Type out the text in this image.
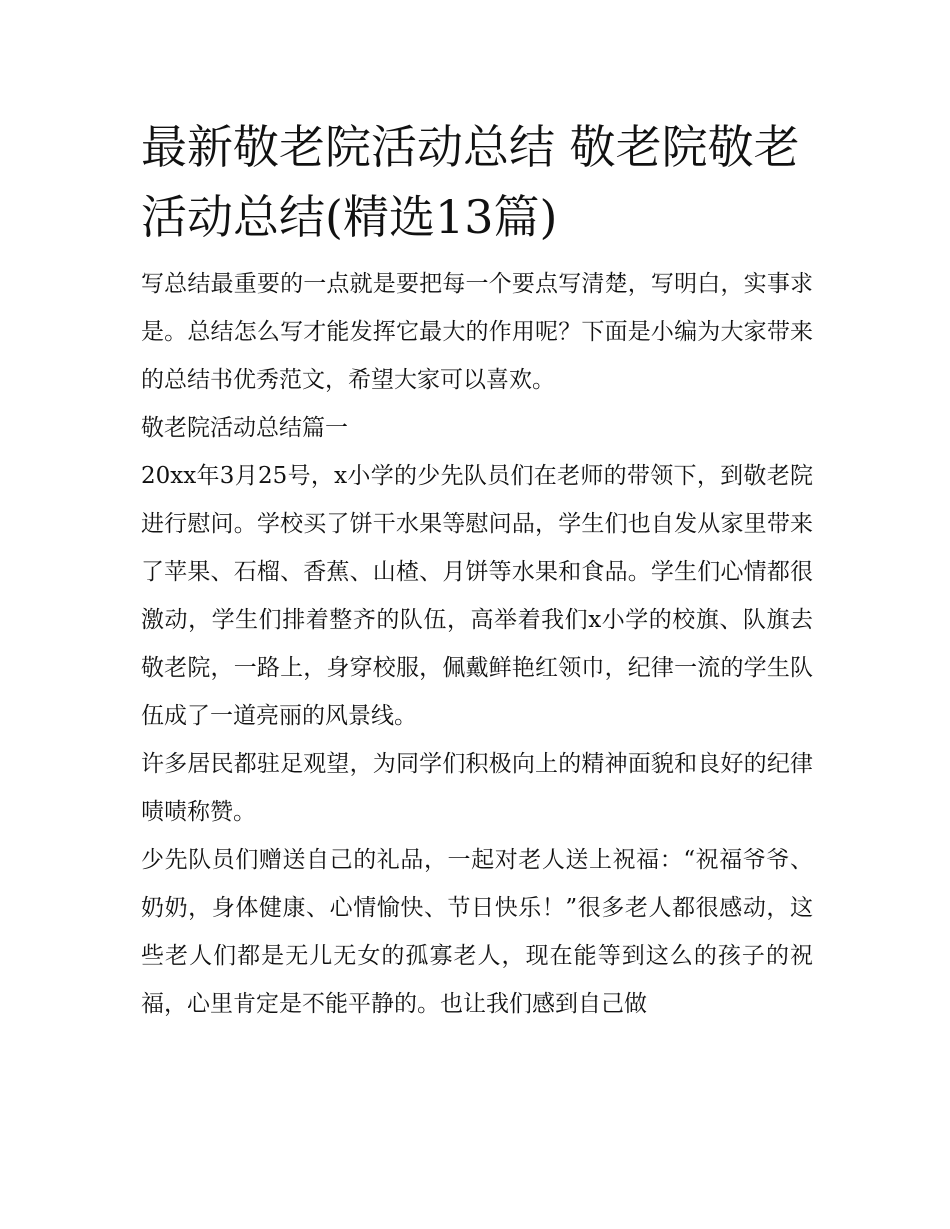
最新敬老院活动总结 敬老院敬老活动总结(精选13篇)

写总结最重要的一点就是要把每一个要点写清楚，写明白，实事求是。总结怎么写才能发挥它最大的作用呢？下面是小编为大家带来的总结书优秀范文，希望大家可以喜欢。

敬老院活动总结篇一

20xx年3月25号，x小学的少先队员们在老师的带领下，到敬老院进行慰问。学校买了饼干水果等慰问品，学生们也自发从家里带来了苹果、石榴、香蕉、山楂、月饼等水果和食品。学生们心情都很激动，学生们排着整齐的队伍，高举着我们x小学的校旗、队旗去敬老院，一路上，身穿校服，佩戴鲜艳红领巾，纪律一流的学生队伍成了一道亮丽的风景线。

许多居民都驻足观望，为同学们积极向上的精神面貌和良好的纪律啧啧称赞。

少先队员们赠送自己的礼品，一起对老人送上祝福：“祝福爷爷、奶奶，身体健康、心情愉快、节日快乐！”很多老人都很感动，这些老人们都是无儿无女的孤寡老人，现在能等到这么的孩子的祝福，心里肯定是不能平静的。也让我们感到自己做
